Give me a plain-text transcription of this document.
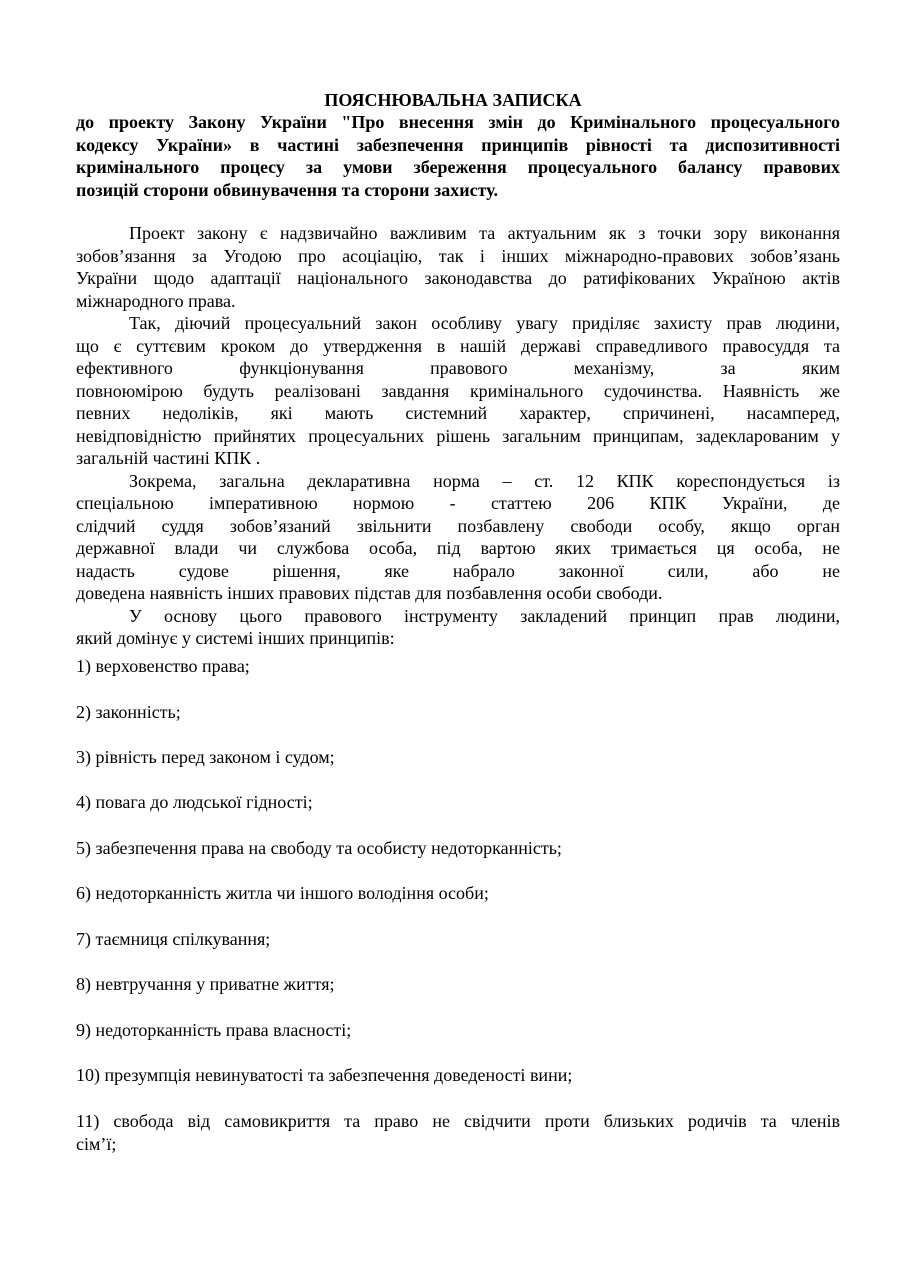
ПОЯСНЮВАЛЬНА ЗАПИСКА
до проекту Закону України "Про внесення змін до Кримінального процесуального
кодексу України» в частині забезпечення принципів рівності та диспозитивності
кримінального процесу за умови збереження процесуального балансу правових
позицій сторони обвинувачення та сторони захисту.
Проект закону є надзвичайно важливим та актуальним як з точки зору виконання
зобов’язання за Угодою про асоціацію, так і інших міжнародно-правових зобов’язань
України щодо адаптації національного законодавства до ратифікованих Україною актів
міжнародного права.
Так, діючий процесуальний закон особливу увагу приділяє захисту прав людини,
що є суттєвим кроком до утвердження в нашій державі справедливого правосуддя та
ефективного функціонування правового механізму, за яким
повноюмірою будуть реалізовані завдання кримінального судочинства. Наявність же
певних недоліків, які мають системний характер, спричинені, насамперед,
невідповідністю прийнятих процесуальних рішень загальним принципам, задекларованим у
загальній частині КПК .
Зокрема, загальна декларативна норма – ст. 12 КПК кореспондується із
спеціальною імперативною нормою - статтею 206 КПК України, де
слідчий суддя зобов’язаний звільнити позбавлену свободи особу, якщо орган
державної влади чи службова особа, під вартою яких тримається ця особа, не
надасть судове рішення, яке набрало законної сили, або не
доведена наявність інших правових підстав для позбавлення особи свободи.
У основу цього правового інструменту закладений принцип прав людини,
який домінує у системі інших принципів:
1) верховенство права;
2) законність;
3) рівність перед законом і судом;
4) повага до людської гідності;
5) забезпечення права на свободу та особисту недоторканність;
6) недоторканність житла чи іншого володіння особи;
7) таємниця спілкування;
8) невтручання у приватне життя;
9) недоторканність права власності;
10) презумпція невинуватості та забезпечення доведеності вини;
11) свобода від самовикриття та право не свідчити проти близьких родичів та членів
сім’ї;
